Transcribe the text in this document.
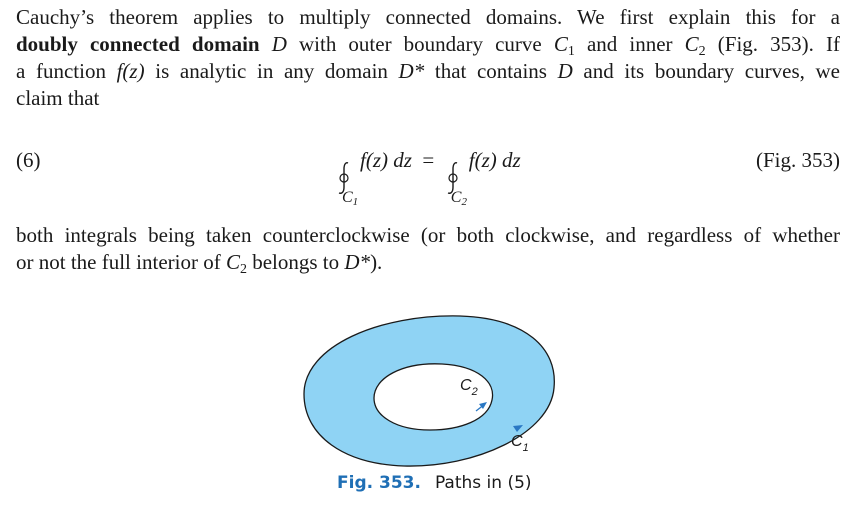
Cauchy’s theorem applies to multiply connected domains. We first explain this for a
doubly connected domain D with outer boundary curve $C_1$ and inner $C_2$ (Fig. 353). If
a function f(z) is analytic in any domain D* that contains D and its boundary curves, we
claim that
(6)
$C_1$
f(z) dz =
$C_2$
f(z) dz	(Fig. 353)
both integrals being taken counterclockwise (or both clockwise, and regardless of whether
or not the full interior of $C_2$ belongs to D*).
$C_2$
$C_1$
Fig. 353. Paths in (5)
